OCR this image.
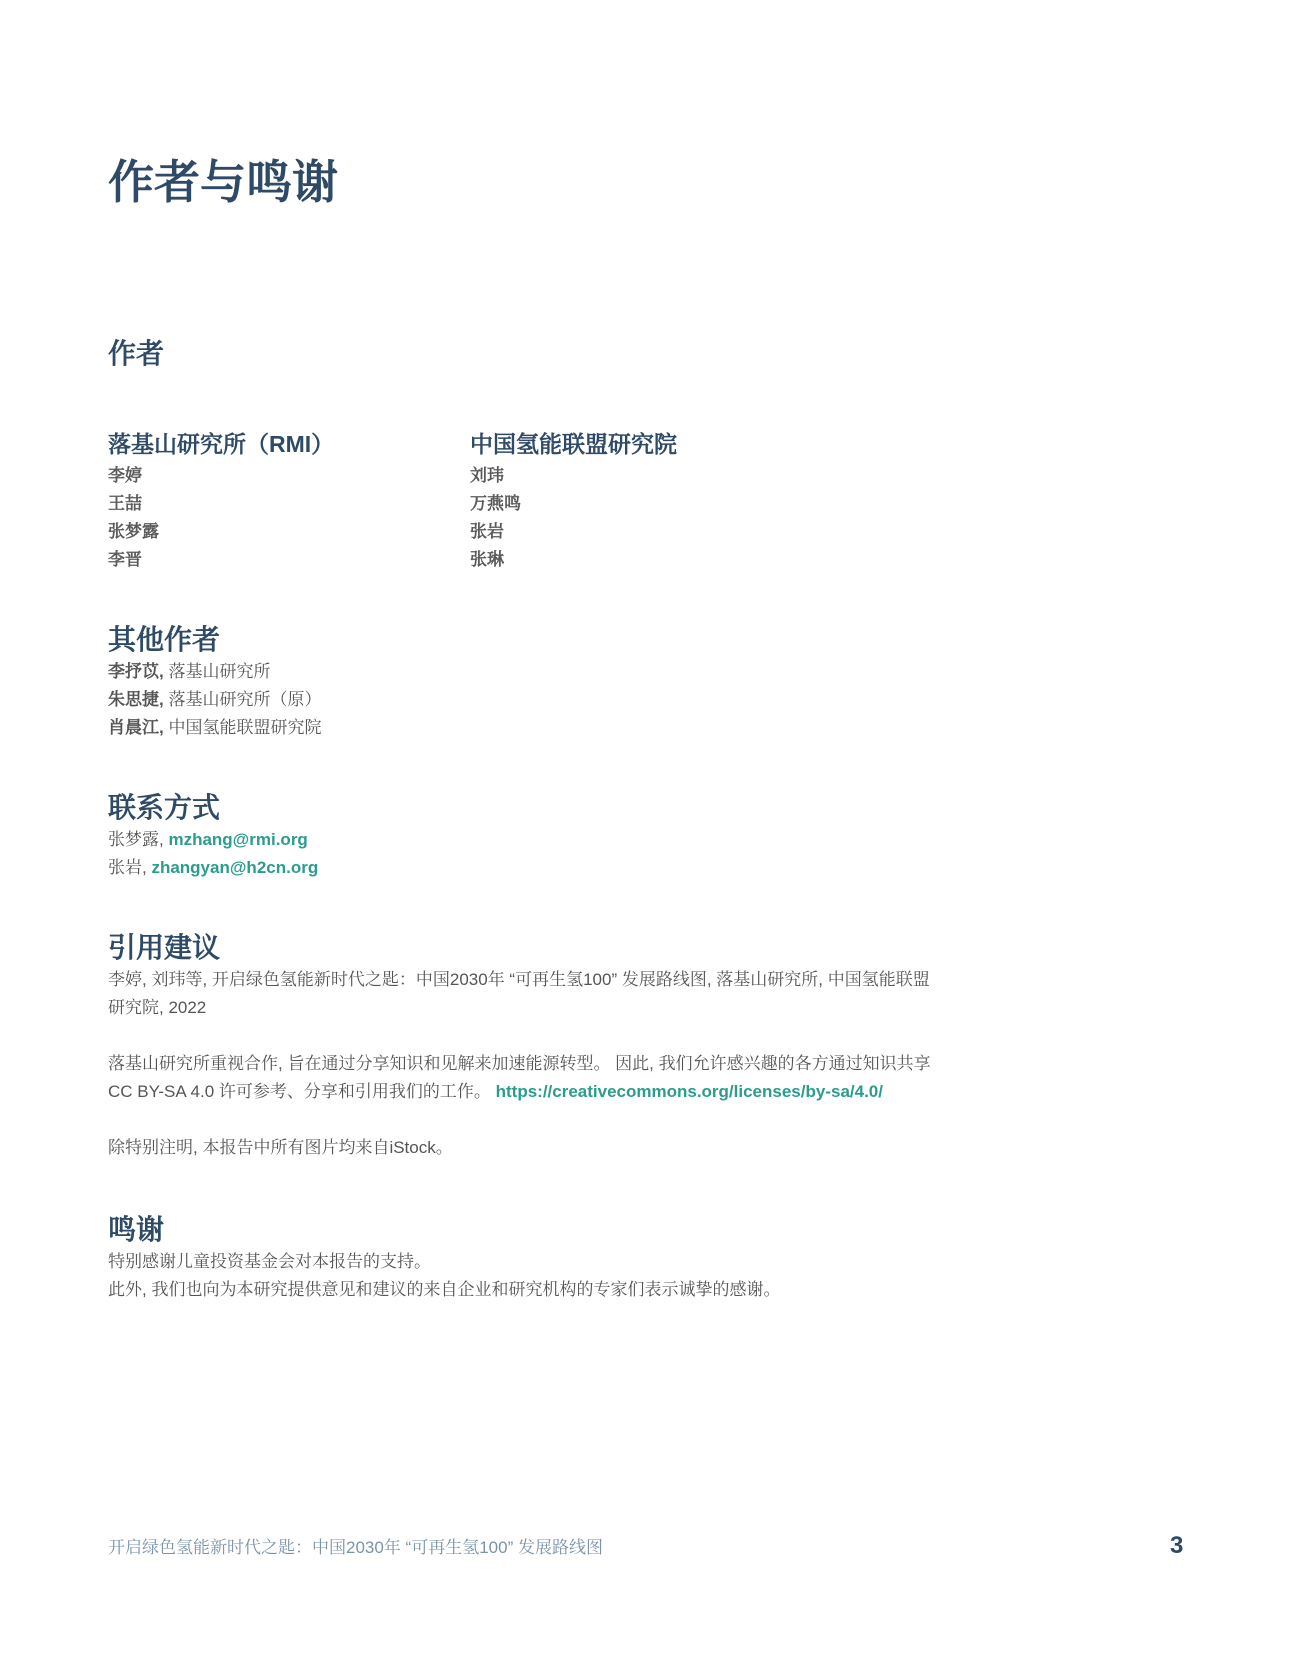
作者与鸣谢
作者
落基山研究所（RMI）
李婷
王喆
张梦露
李晋
中国氢能联盟研究院
刘玮
万燕鸣
张岩
张琳
其他作者
李抒苡, 落基山研究所
朱思捷, 落基山研究所（原）
肖晨江, 中国氢能联盟研究院
联系方式
张梦露, mzhang@rmi.org
张岩, zhangyan@h2cn.org
引用建议
李婷, 刘玮等, 开启绿色氢能新时代之匙：中国2030年 “可再生氢100” 发展路线图, 落基山研究所, 中国氢能联盟
研究院, 2022
落基山研究所重视合作, 旨在通过分享知识和见解来加速能源转型。 因此, 我们允许感兴趣的各方通过知识共享
CC BY-SA 4.0 许可参考、分享和引用我们的工作。 https://creativecommons.org/licenses/by-sa/4.0/
除特别注明, 本报告中所有图片均来自iStock。
鸣谢
特别感谢儿童投资基金会对本报告的支持。
此外, 我们也向为本研究提供意见和建议的来自企业和研究机构的专家们表示诚挚的感谢。
开启绿色氢能新时代之匙：中国2030年 “可再生氢100” 发展路线图	3
